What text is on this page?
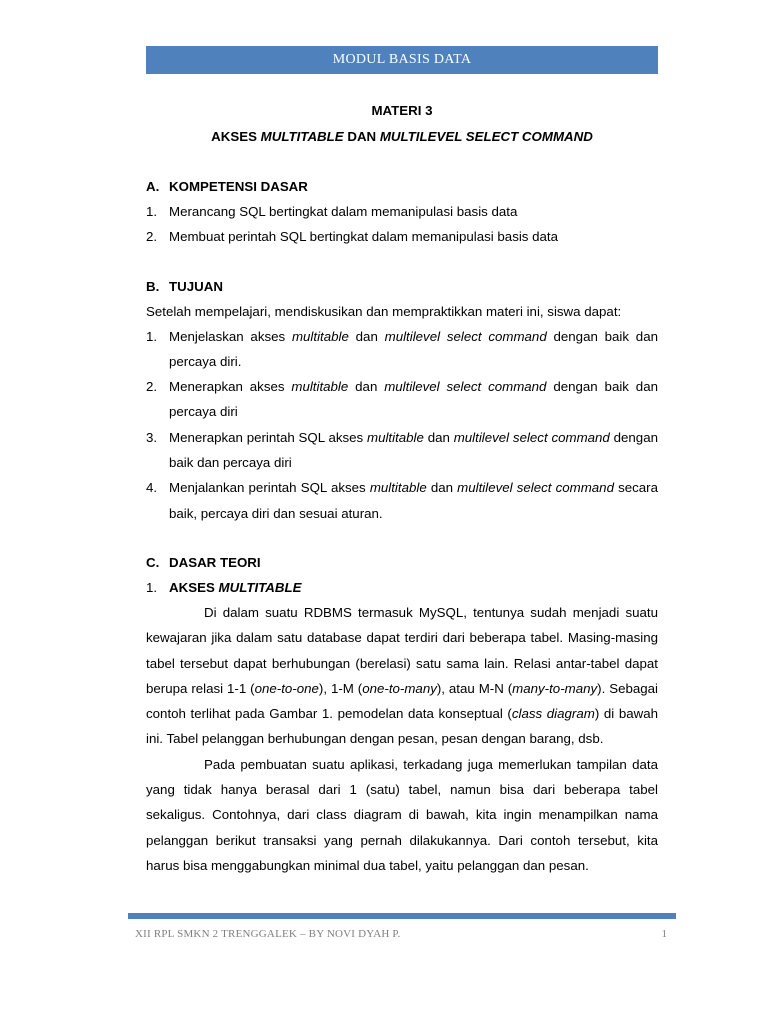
MODUL BASIS DATA
MATERI 3
AKSES MULTITABLE DAN MULTILEVEL SELECT COMMAND
A. KOMPETENSI DASAR
1. Merancang SQL bertingkat dalam memanipulasi basis data
2. Membuat perintah SQL bertingkat dalam memanipulasi basis data
B. TUJUAN
Setelah mempelajari, mendiskusikan dan mempraktikkan materi ini, siswa dapat:
1. Menjelaskan akses multitable dan multilevel select command dengan baik dan percaya diri.
2. Menerapkan akses multitable dan multilevel select command dengan baik dan percaya diri
3. Menerapkan perintah SQL akses multitable dan multilevel select command dengan baik dan percaya diri
4. Menjalankan perintah SQL akses multitable dan multilevel select command secara baik, percaya diri dan sesuai aturan.
C. DASAR TEORI
1. AKSES MULTITABLE
Di dalam suatu RDBMS termasuk MySQL, tentunya sudah menjadi suatu kewajaran jika dalam satu database dapat terdiri dari beberapa tabel. Masing-masing tabel tersebut dapat berhubungan (berelasi) satu sama lain. Relasi antar-tabel dapat berupa relasi 1-1 (one-to-one), 1-M (one-to-many), atau M-N (many-to-many). Sebagai contoh terlihat pada Gambar 1. pemodelan data konseptual (class diagram) di bawah ini. Tabel pelanggan berhubungan dengan pesan, pesan dengan barang, dsb.
Pada pembuatan suatu aplikasi, terkadang juga memerlukan tampilan data yang tidak hanya berasal dari 1 (satu) tabel, namun bisa dari beberapa tabel sekaligus. Contohnya, dari class diagram di bawah, kita ingin menampilkan nama pelanggan berikut transaksi yang pernah dilakukannya. Dari contoh tersebut, kita harus bisa menggabungkan minimal dua tabel, yaitu pelanggan dan pesan.
XII RPL SMKN 2 TRENGGALEK – BY NOVI DYAH P.	1
